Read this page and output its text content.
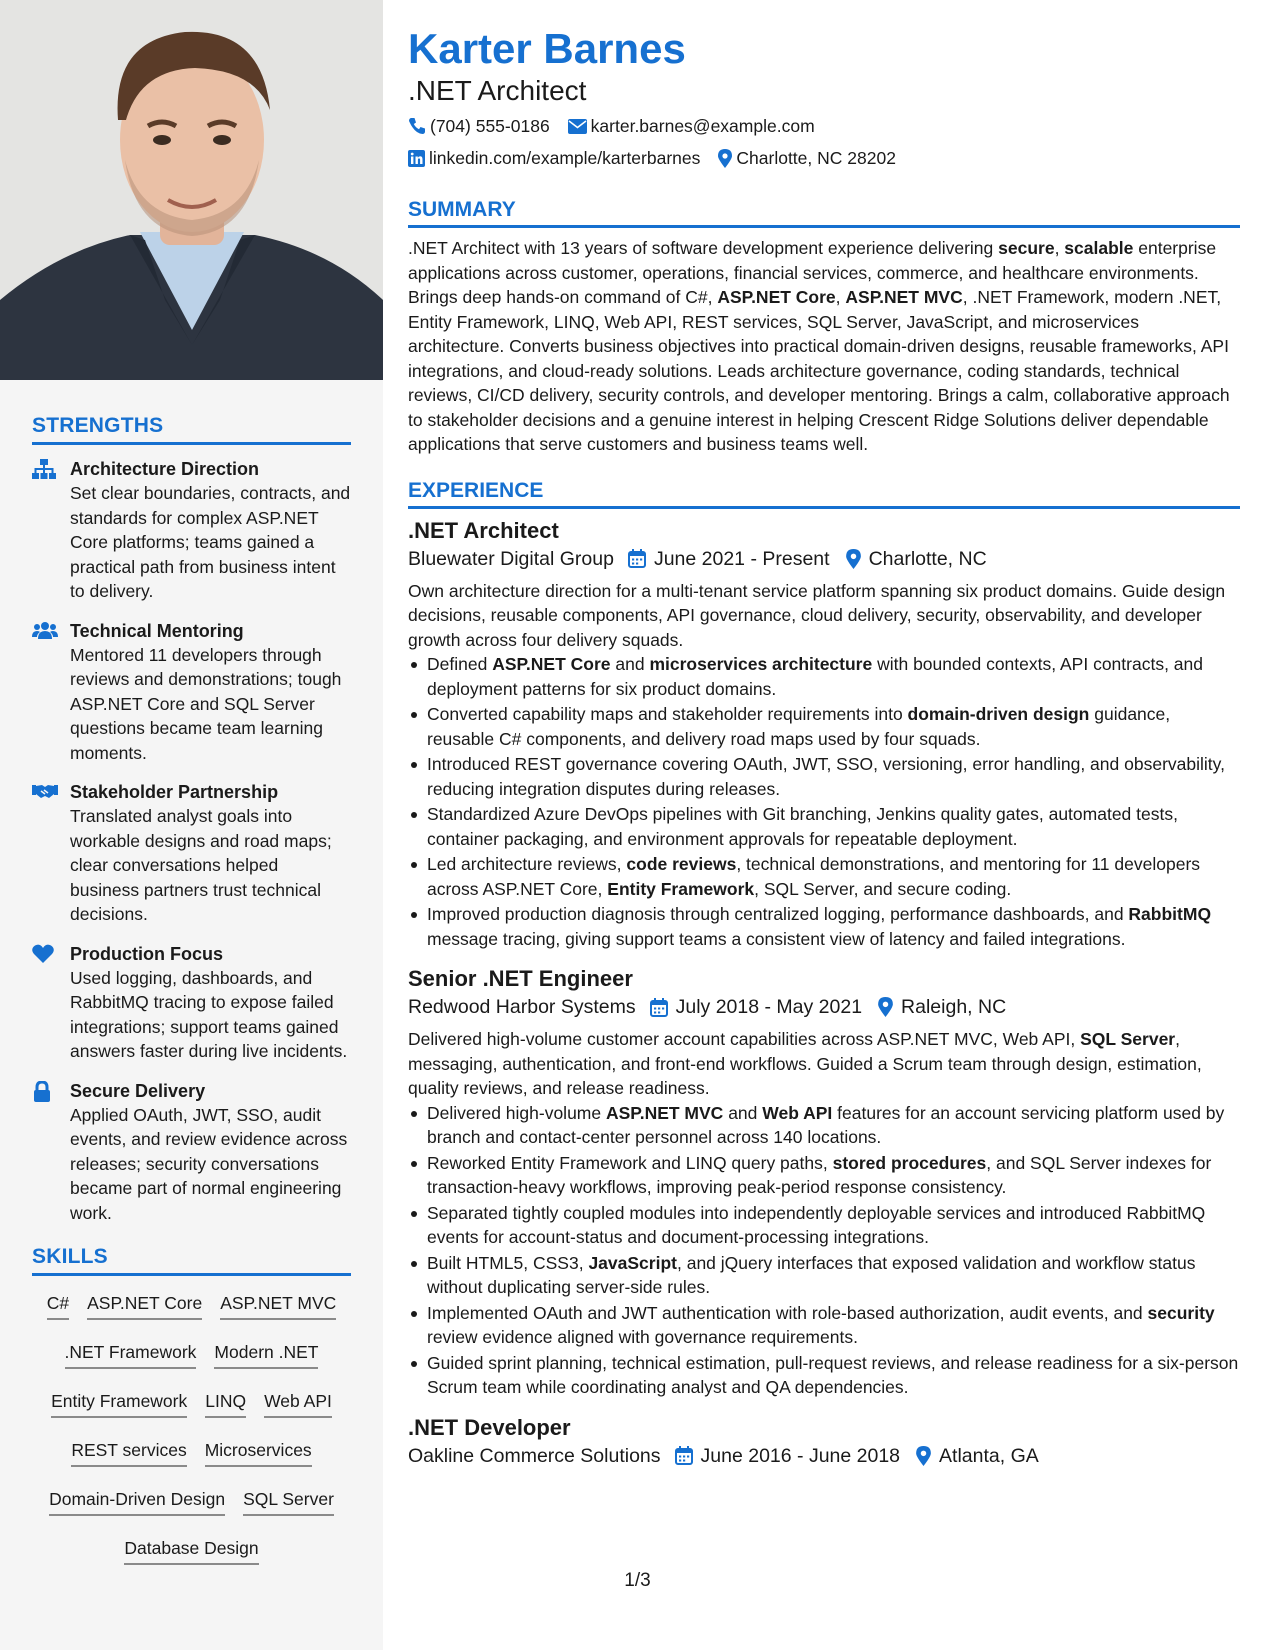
STRENGTHS
Architecture Direction
Set clear boundaries, contracts, and standards for complex ASP.NET Core platforms; teams gained a practical path from business intent to delivery.
Technical Mentoring
Mentored 11 developers through reviews and demonstrations; tough ASP.NET Core and SQL Server questions became team learning moments.
Stakeholder Partnership
Translated analyst goals into workable designs and road maps; clear conversations helped business partners trust technical decisions.
Production Focus
Used logging, dashboards, and RabbitMQ tracing to expose failed integrations; support teams gained answers faster during live incidents.
Secure Delivery
Applied OAuth, JWT, SSO, audit events, and review evidence across releases; security conversations became part of normal engineering work.
SKILLS
C# ASP.NET Core ASP.NET MVC
.NET Framework Modern .NET
Entity Framework LINQ Web API
REST services Microservices
Domain-Driven Design SQL Server
Database Design
Karter Barnes
.NET Architect
(704) 555-0186 karter.barnes@example.com
linkedin.com/example/karterbarnes Charlotte, NC 28202
SUMMARY
.NET Architect with 13 years of software development experience delivering secure, scalable enterprise applications across customer, operations, financial services, commerce, and healthcare environments. Brings deep hands-on command of C#, ASP.NET Core, ASP.NET MVC, .NET Framework, modern .NET, Entity Framework, LINQ, Web API, REST services, SQL Server, JavaScript, and microservices architecture. Converts business objectives into practical domain-driven designs, reusable frameworks, API integrations, and cloud-ready solutions. Leads architecture governance, coding standards, technical reviews, CI/CD delivery, security controls, and developer mentoring. Brings a calm, collaborative approach to stakeholder decisions and a genuine interest in helping Crescent Ridge Solutions deliver dependable applications that serve customers and business teams well.
EXPERIENCE
.NET Architect
Bluewater Digital Group June 2021 - Present Charlotte, NC
Own architecture direction for a multi-tenant service platform spanning six product domains. Guide design decisions, reusable components, API governance, cloud delivery, security, observability, and developer growth across four delivery squads.
Defined ASP.NET Core and microservices architecture with bounded contexts, API contracts, and deployment patterns for six product domains.
Converted capability maps and stakeholder requirements into domain-driven design guidance, reusable C# components, and delivery road maps used by four squads.
Introduced REST governance covering OAuth, JWT, SSO, versioning, error handling, and observability, reducing integration disputes during releases.
Standardized Azure DevOps pipelines with Git branching, Jenkins quality gates, automated tests, container packaging, and environment approvals for repeatable deployment.
Led architecture reviews, code reviews, technical demonstrations, and mentoring for 11 developers across ASP.NET Core, Entity Framework, SQL Server, and secure coding.
Improved production diagnosis through centralized logging, performance dashboards, and RabbitMQ message tracing, giving support teams a consistent view of latency and failed integrations.
Senior .NET Engineer
Redwood Harbor Systems July 2018 - May 2021 Raleigh, NC
Delivered high-volume customer account capabilities across ASP.NET MVC, Web API, SQL Server, messaging, authentication, and front-end workflows. Guided a Scrum team through design, estimation, quality reviews, and release readiness.
Delivered high-volume ASP.NET MVC and Web API features for an account servicing platform used by branch and contact-center personnel across 140 locations.
Reworked Entity Framework and LINQ query paths, stored procedures, and SQL Server indexes for transaction-heavy workflows, improving peak-period response consistency.
Separated tightly coupled modules into independently deployable services and introduced RabbitMQ events for account-status and document-processing integrations.
Built HTML5, CSS3, JavaScript, and jQuery interfaces that exposed validation and workflow status without duplicating server-side rules.
Implemented OAuth and JWT authentication with role-based authorization, audit events, and security review evidence aligned with governance requirements.
Guided sprint planning, technical estimation, pull-request reviews, and release readiness for a six-person Scrum team while coordinating analyst and QA dependencies.
.NET Developer
Oakline Commerce Solutions June 2016 - June 2018 Atlanta, GA
1/3
